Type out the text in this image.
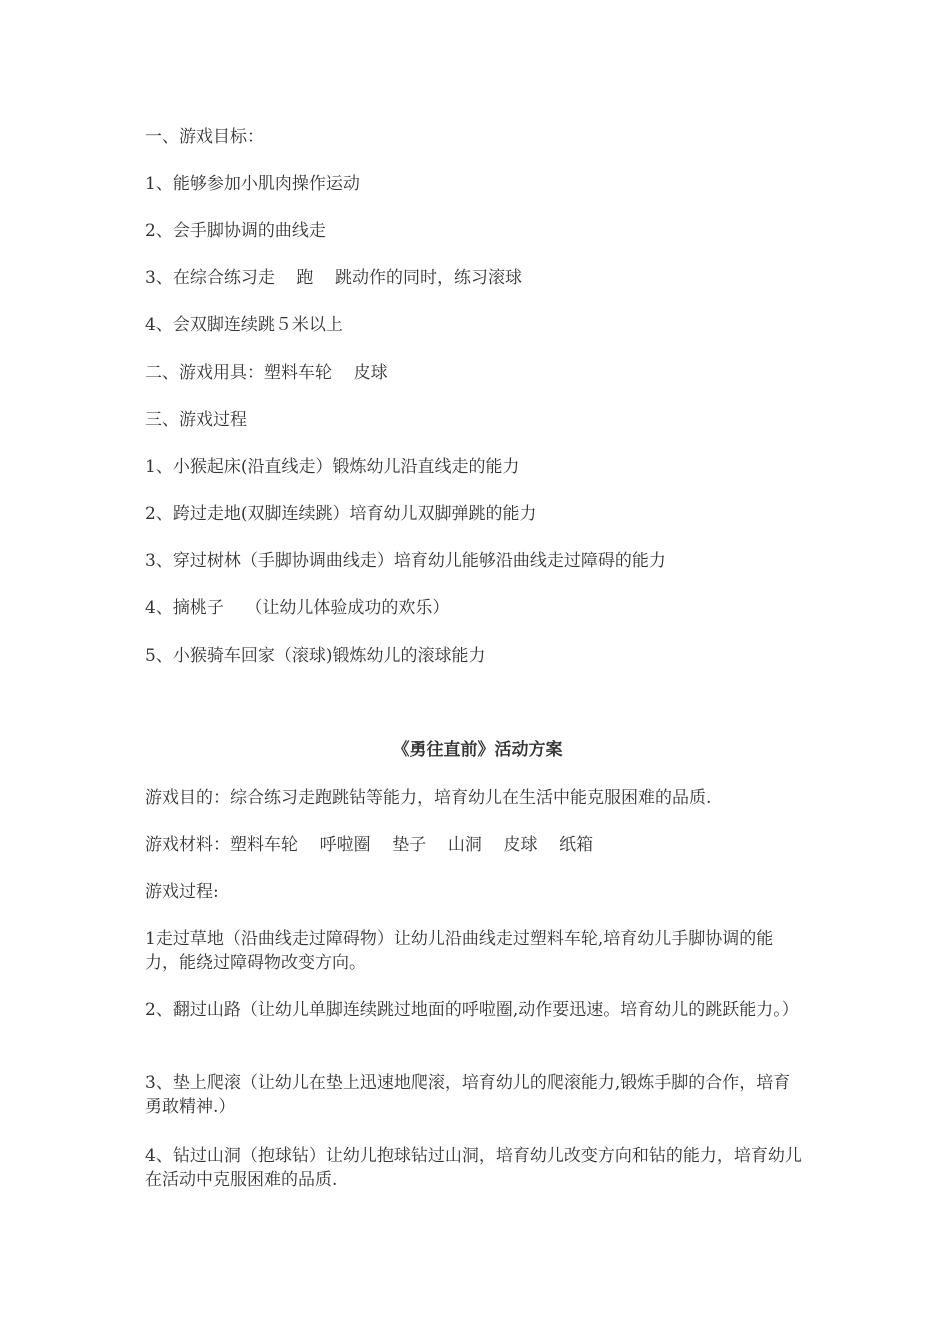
一、游戏目标：
1、能够参加小肌肉操作运动
2、会手脚协调的曲线走
3、在综合练习走    跑    跳动作的同时，练习滚球
4、会双脚连续跳５米以上
二、游戏用具：塑料车轮    皮球
三、游戏过程
1、小猴起床(沿直线走）锻炼幼儿沿直线走的能力
2、跨过走地(双脚连续跳）培育幼儿双脚弹跳的能力
3、穿过树林（手脚协调曲线走）培育幼儿能够沿曲线走过障碍的能力
4、摘桃子    （让幼儿体验成功的欢乐）
5、小猴骑车回家（滚球)锻炼幼儿的滚球能力
《勇往直前》活动方案
游戏目的：综合练习走跑跳钻等能力，培育幼儿在生活中能克服困难的品质.
游戏材料：塑料车轮    呼啦圈    垫子    山洞    皮球    纸箱
游戏过程:
1走过草地（沿曲线走过障碍物）让幼儿沿曲线走过塑料车轮,培育幼儿手脚协调的能力，能绕过障碍物改变方向。
2、翻过山路（让幼儿单脚连续跳过地面的呼啦圈,动作要迅速。培育幼儿的跳跃能力。）
3、垫上爬滚（让幼儿在垫上迅速地爬滚，培育幼儿的爬滚能力,锻炼手脚的合作，培育勇敢精神.）
4、钻过山洞（抱球钻）让幼儿抱球钻过山洞，培育幼儿改变方向和钻的能力，培育幼儿在活动中克服困难的品质.
